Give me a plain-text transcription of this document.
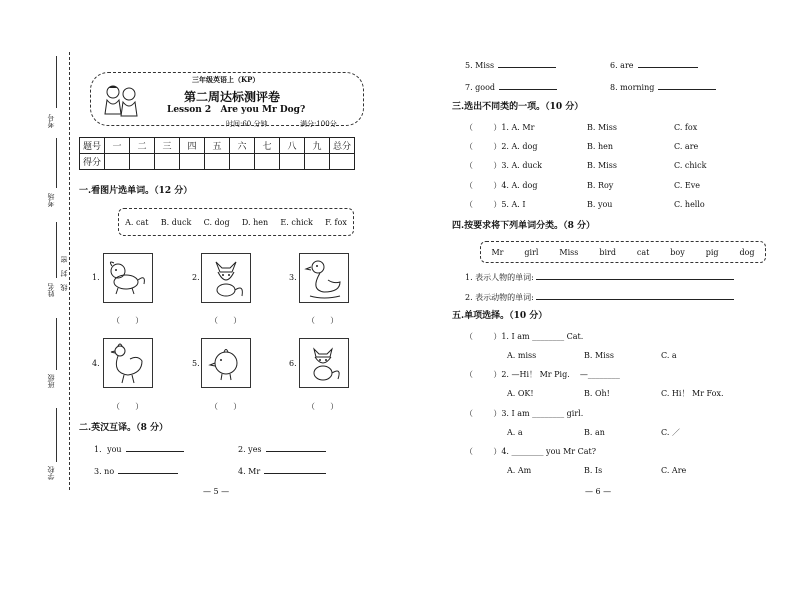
考号
考场
姓名
密
封
线
班级
学校
三年级英语上（KP）
第二周达标测评卷
Lesson 2   Are you Mr Dog?
时间:60 分钟	满分:100分
题号	一	二	三	四	五	六	七	八	九	总分
得分										
一.看图片选单词。（12 分）
A. cat B. duck C. dog D. hen E. chick F. fox
1.	2.	3.
（      ）	（      ）	（      ）
4.	5.	6.
（      ）	（      ）	（      ）
二.英汉互译。（8 分）
1．you	2. yes
3. no	4. Mr
— 5 —
5. Miss	6. are
7. good	8. morning
三.选出不同类的一项。（10 分）
（        ）1. A. Mr	B. Miss	C. fox
（        ）2. A. dog	B. hen	C. are
（        ）3. A. duck	B. Miss	C. chick
（        ）4. A. dog	B. Roy	C. Eve
（        ）5. A. I	B. you	C. hello
四.按要求将下列单词分类。（8 分）
Mr	girl	Miss	bird	cat	boy	pig	dog
1. 表示人物的单词:
2. 表示动物的单词:
五.单项选择。（10 分）
（        ）1. I am ________ Cat.
A. miss	B. Miss	C. a
（        ）2. —Hi！ Mr Pig.    —________
A. OK!	B. Oh!	C. Hi！ Mr Fox.
（        ）3. I am ________ girl.
A. a	B. an	C. ／
（        ）4. ________ you Mr Cat?
A. Am	B. Is	C. Are
— 6 —
